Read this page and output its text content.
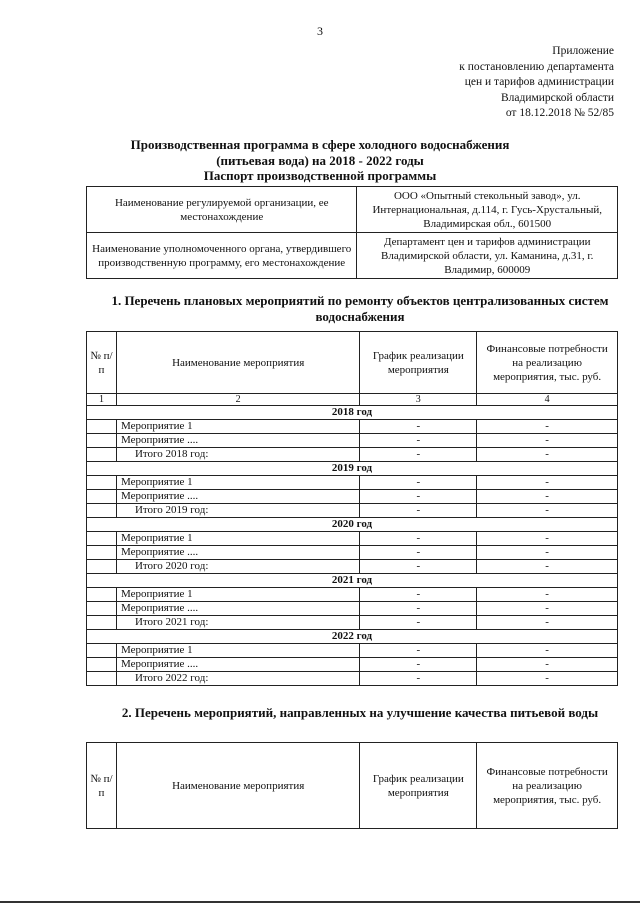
3
Приложение
к постановлению департамента
цен и тарифов администрации
Владимирской области
от 18.12.2018 № 52/85
Производственная программа в сфере холодного водоснабжения
(питьевая вода) на 2018 - 2022 годы
Паспорт производственной программы
Наименование регулируемой организации, ее местонахождение	ООО «Опытный стекольный завод», ул. Интернациональная, д.114, г. Гусь-Хрустальный, Владимирская обл., 601500
Наименование уполномоченного органа, утвердившего производственную программу, его местонахождение	Департамент цен и тарифов администрации Владимирской области, ул. Каманина, д.31, г. Владимир, 600009
1. Перечень плановых мероприятий по ремонту объектов централизованных систем водоснабжения
№ п/п	Наименование мероприятия	График реализации мероприятия	Финансовые потребности на реализацию мероприятия, тыс. руб.
1	2	3	4
2018 год			
	Мероприятие 1	-	-
	Мероприятие ....	-	-
	Итого 2018 год:	-	-
2019 год			
	Мероприятие 1	-	-
	Мероприятие ....	-	-
	Итого 2019 год:	-	-
2020 год			
	Мероприятие 1	-	-
	Мероприятие ....	-	-
	Итого 2020 год:	-	-
2021 год			
	Мероприятие 1	-	-
	Мероприятие ....	-	-
	Итого 2021 год:	-	-
2022 год			
	Мероприятие 1	-	-
	Мероприятие ....	-	-
	Итого 2022 год:	-	-
2. Перечень мероприятий, направленных на улучшение качества питьевой воды
№ п/п	Наименование мероприятия	График реализации мероприятия	Финансовые потребности на реализацию мероприятия, тыс. руб.
